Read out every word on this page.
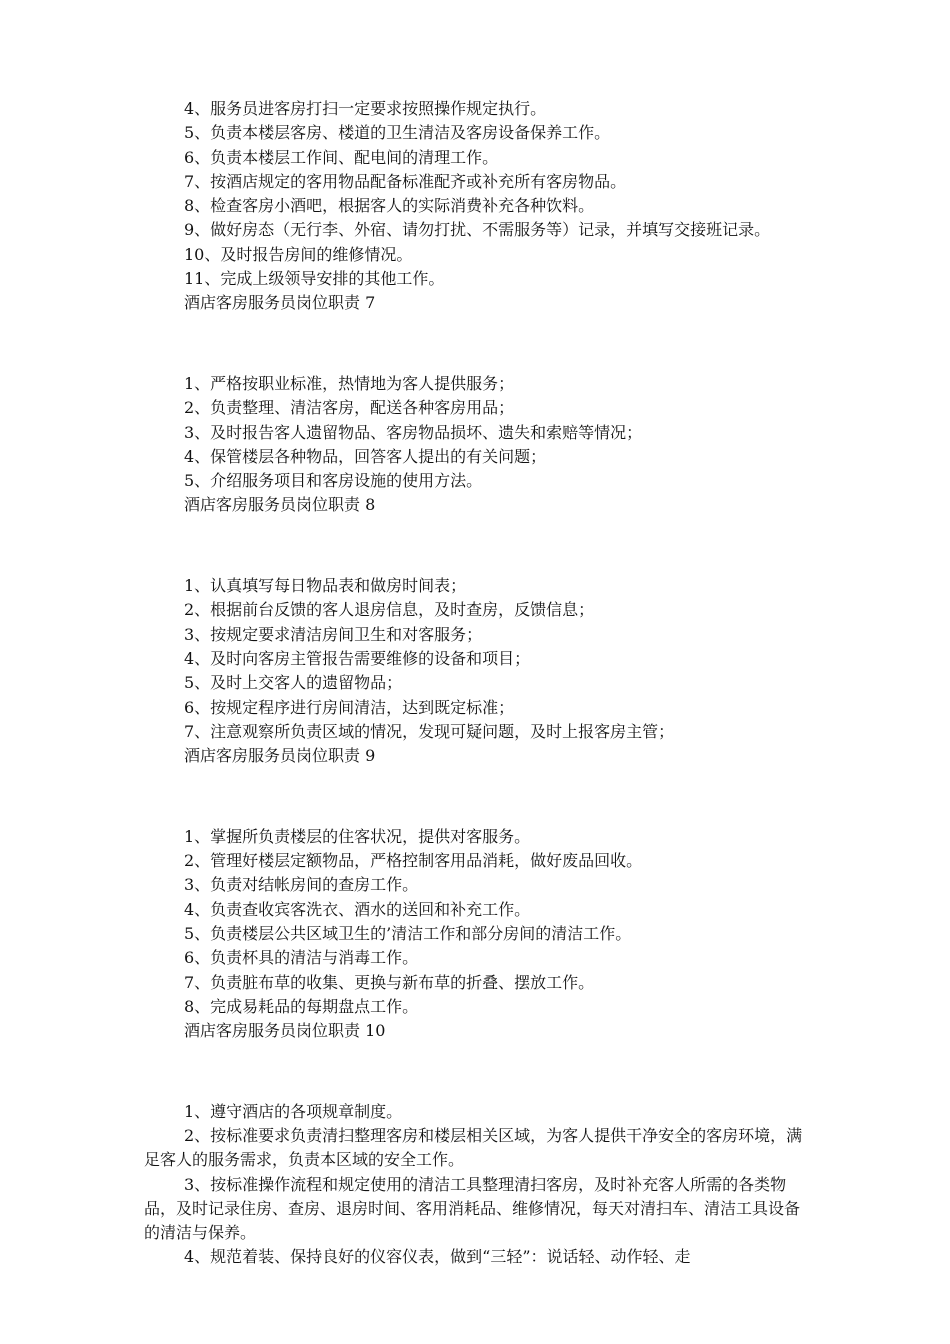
4、服务员进客房打扫一定要求按照操作规定执行。

5、负责本楼层客房、楼道的卫生清洁及客房设备保养工作。

6、负责本楼层工作间、配电间的清理工作。

7、按酒店规定的客用物品配备标准配齐或补充所有客房物品。

8、检查客房小酒吧，根据客人的实际消费补充各种饮料。

9、做好房态（无行李、外宿、请勿打扰、不需服务等）记录，并填写交接班记录。

10、及时报告房间的维修情况。

11、完成上级领导安排的其他工作。

酒店客房服务员岗位职责 7

1、严格按职业标准，热情地为客人提供服务；

2、负责整理、清洁客房，配送各种客房用品；

3、及时报告客人遗留物品、客房物品损坏、遗失和索赔等情况；

4、保管楼层各种物品，回答客人提出的有关问题；

5、介绍服务项目和客房设施的使用方法。

酒店客房服务员岗位职责 8

1、认真填写每日物品表和做房时间表；

2、根据前台反馈的客人退房信息，及时查房，反馈信息；

3、按规定要求清洁房间卫生和对客服务；

4、及时向客房主管报告需要维修的设备和项目；

5、及时上交客人的遗留物品；

6、按规定程序进行房间清洁，达到既定标准；

7、注意观察所负责区域的情况，发现可疑问题，及时上报客房主管；

酒店客房服务员岗位职责 9

1、掌握所负责楼层的住客状况，提供对客服务。

2、管理好楼层定额物品，严格控制客用品消耗，做好废品回收。

3、负责对结帐房间的查房工作。

4、负责查收宾客洗衣、酒水的送回和补充工作。

5、负责楼层公共区域卫生的’清洁工作和部分房间的清洁工作。

6、负责杯具的清洁与消毒工作。

7、负责脏布草的收集、更换与新布草的折叠、摆放工作。

8、完成易耗品的每期盘点工作。

酒店客房服务员岗位职责 10

1、遵守酒店的各项规章制度。

2、按标准要求负责清扫整理客房和楼层相关区域，为客人提供干净安全的客房环境，满足客人的服务需求，负责本区域的安全工作。

3、按标准操作流程和规定使用的清洁工具整理清扫客房，及时补充客人所需的各类物品，及时记录住房、查房、退房时间、客用消耗品、维修情况，每天对清扫车、清洁工具设备的清洁与保养。

4、规范着装、保持良好的仪容仪表，做到“三轻”：说话轻、动作轻、走
